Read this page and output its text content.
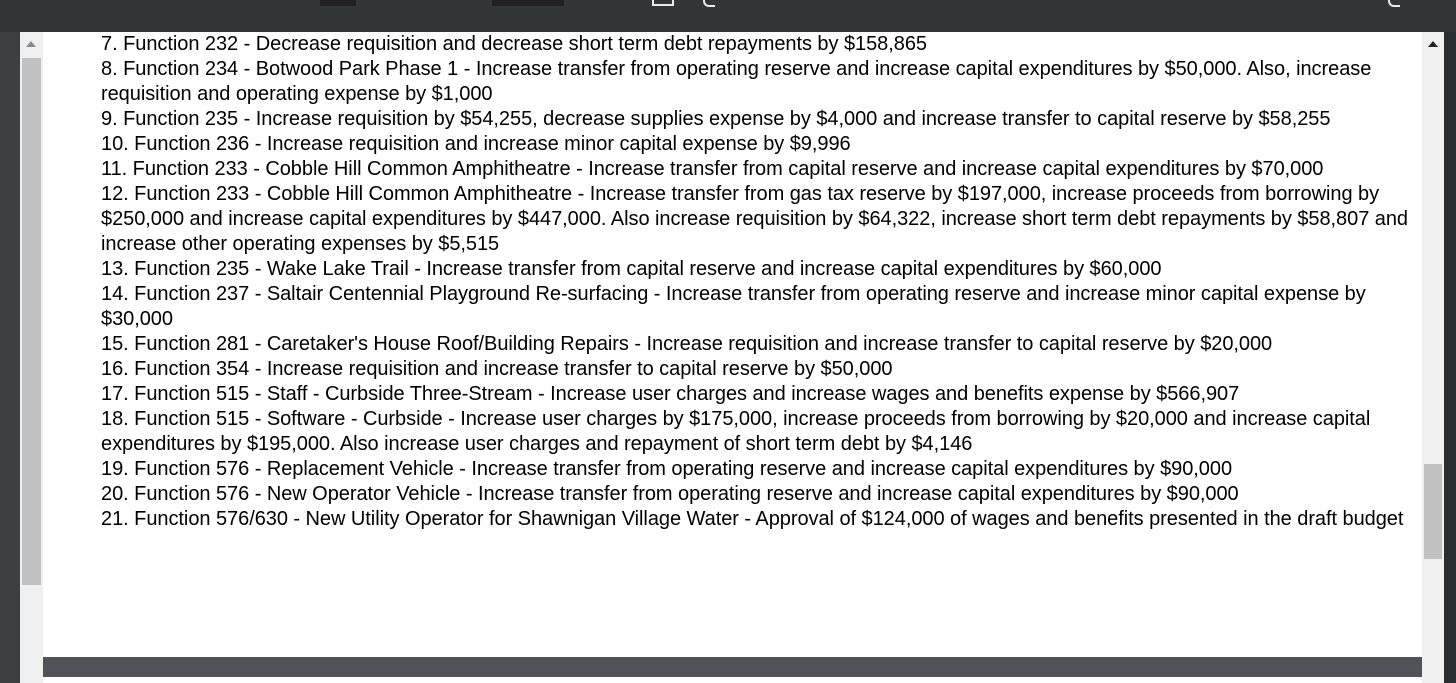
7. Function 232 - Decrease requisition and decrease short term debt repayments by $158,865
8. Function 234 - Botwood Park Phase 1 - Increase transfer from operating reserve and increase capital expenditures by $50,000. Also, increase requisition and operating expense by $1,000
9. Function 235 - Increase requisition by $54,255, decrease supplies expense by $4,000 and increase transfer to capital reserve by $58,255
10. Function 236 - Increase requisition and increase minor capital expense by $9,996
11. Function 233 - Cobble Hill Common Amphitheatre - Increase transfer from capital reserve and increase capital expenditures by $70,000
12. Function 233 - Cobble Hill Common Amphitheatre - Increase transfer from gas tax reserve by $197,000, increase proceeds from borrowing by $250,000 and increase capital expenditures by $447,000. Also increase requisition by $64,322, increase short term debt repayments by $58,807 and increase other operating expenses by $5,515
13. Function 235 - Wake Lake Trail - Increase transfer from capital reserve and increase capital expenditures by $60,000
14. Function 237 - Saltair Centennial Playground Re-surfacing - Increase transfer from operating reserve and increase minor capital expense by $30,000
15. Function 281 - Caretaker's House Roof/Building Repairs - Increase requisition and increase transfer to capital reserve by $20,000
16. Function 354 - Increase requisition and increase transfer to capital reserve by $50,000
17. Function 515 - Staff - Curbside Three-Stream - Increase user charges and increase wages and benefits expense by $566,907
18. Function 515 - Software - Curbside - Increase user charges by $175,000, increase proceeds from borrowing by $20,000 and increase capital expenditures by $195,000. Also increase user charges and repayment of short term debt by $4,146
19. Function 576 - Replacement Vehicle - Increase transfer from operating reserve and increase capital expenditures by $90,000
20. Function 576 - New Operator Vehicle - Increase transfer from operating reserve and increase capital expenditures by $90,000
21. Function 576/630 - New Utility Operator for Shawnigan Village Water - Approval of $124,000 of wages and benefits presented in the draft budget
